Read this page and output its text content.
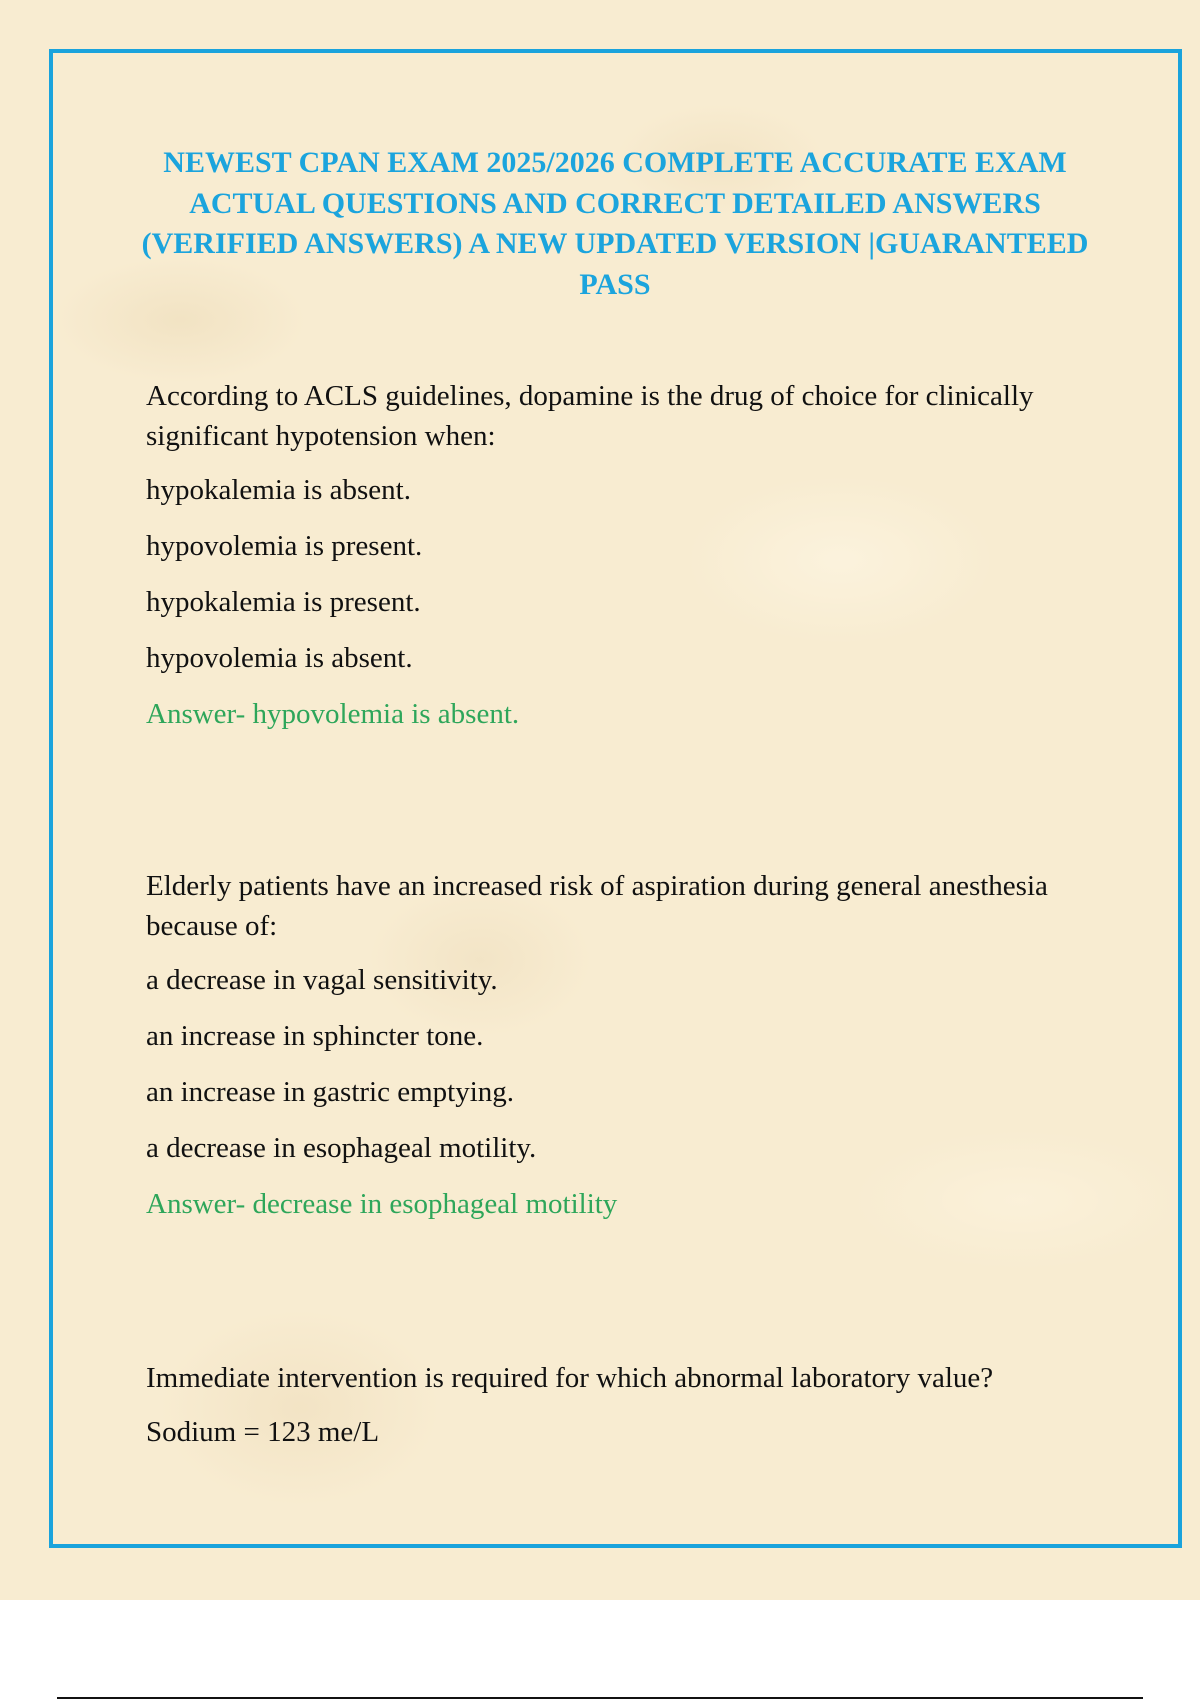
NEWEST CPAN EXAM 2025/2026 COMPLETE ACCURATE EXAM ACTUAL QUESTIONS AND CORRECT DETAILED ANSWERS (VERIFIED ANSWERS) A NEW UPDATED VERSION |GUARANTEED PASS

According to ACLS guidelines, dopamine is the drug of choice for clinically significant hypotension when:

hypokalemia is absent.

hypovolemia is present.

hypokalemia is present.

hypovolemia is absent.

Answer- hypovolemia is absent.

Elderly patients have an increased risk of aspiration during general anesthesia because of:

a decrease in vagal sensitivity.

an increase in sphincter tone.

an increase in gastric emptying.

a decrease in esophageal motility.

Answer- decrease in esophageal motility

Immediate intervention is required for which abnormal laboratory value?

Sodium = 123 me/L
